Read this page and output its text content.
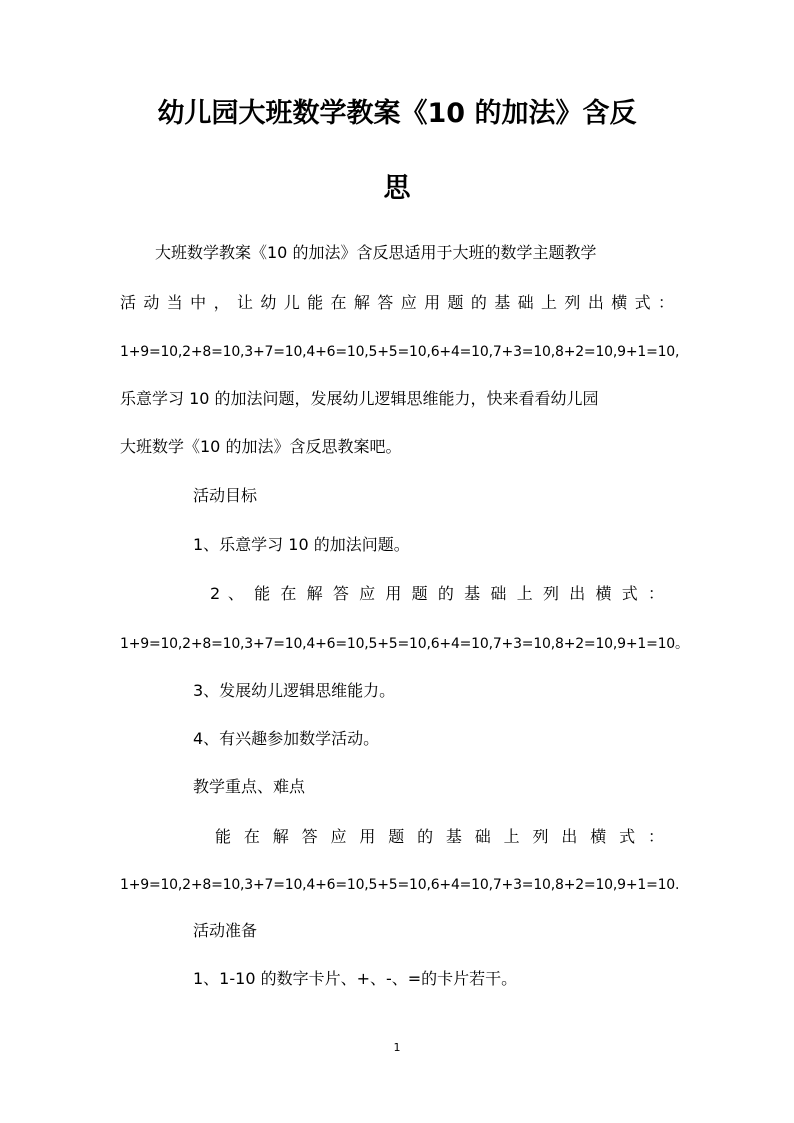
幼儿园大班数学教案《10 的加法》含反
思
大班数学教案《10 的加法》含反思适用于大班的数学主题教学
活 动 当 中 ， 让 幼 儿 能 在 解 答 应 用 题 的 基 础 上 列 出 横 式 ：
1+9=10,2+8=10,3+7=10,4+6=10,5+5=10,6+4=10,7+3=10,8+2=10,9+1=10,
乐意学习 10 的加法问题，发展幼儿逻辑思维能力，快来看看幼儿园
大班数学《10 的加法》含反思教案吧。
活动目标
1、乐意学习 10 的加法问题。
2 、 能 在 解 答 应 用 题 的 基 础 上 列 出 横 式 ：
1+9=10,2+8=10,3+7=10,4+6=10,5+5=10,6+4=10,7+3=10,8+2=10,9+1=10。
3、发展幼儿逻辑思维能力。
4、有兴趣参加数学活动。
教学重点、难点
能 在 解 答 应 用 题 的 基 础 上 列 出 横 式 ：
1+9=10,2+8=10,3+7=10,4+6=10,5+5=10,6+4=10,7+3=10,8+2=10,9+1=10.
活动准备
1、1-10 的数字卡片、+、-、=的卡片若干。
1
